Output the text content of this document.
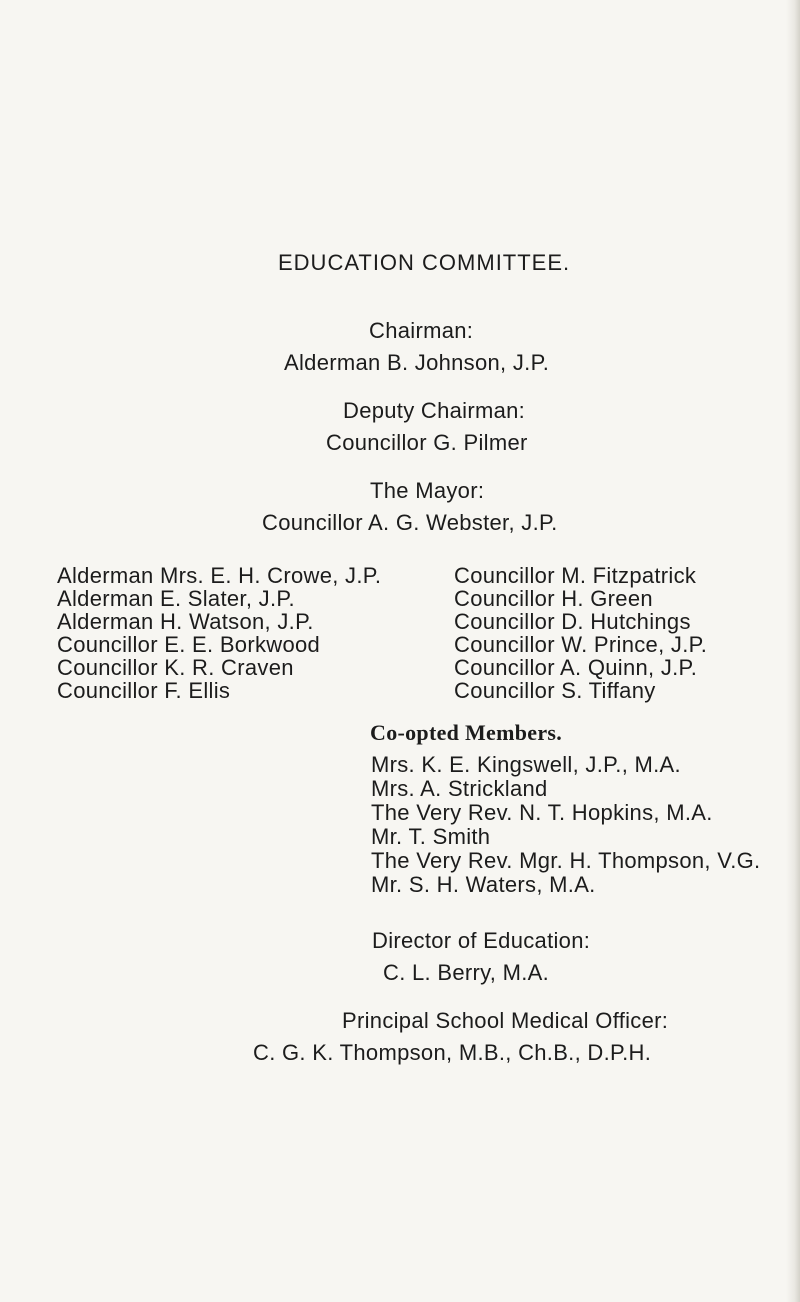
EDUCATION COMMITTEE.
Chairman:
Alderman B. Johnson, J.P.
Deputy Chairman:
Councillor G. Pilmer
The Mayor:
Councillor A. G. Webster, J.P.
Alderman Mrs. E. H. Crowe, J.P.
Alderman E. Slater, J.P.
Alderman H. Watson, J.P.
Councillor E. E. Borkwood
Councillor K. R. Craven
Councillor F. Ellis
Councillor M. Fitzpatrick
Councillor H. Green
Councillor D. Hutchings
Councillor W. Prince, J.P.
Councillor A. Quinn, J.P.
Councillor S. Tiffany
Co-opted Members.
Mrs. K. E. Kingswell, J.P., M.A.
Mrs. A. Strickland
The Very Rev. N. T. Hopkins, M.A.
Mr. T. Smith
The Very Rev. Mgr. H. Thompson, V.G.
Mr. S. H. Waters, M.A.
Director of Education:
C. L. Berry, M.A.
Principal School Medical Officer:
C. G. K. Thompson, M.B., Ch.B., D.P.H.
